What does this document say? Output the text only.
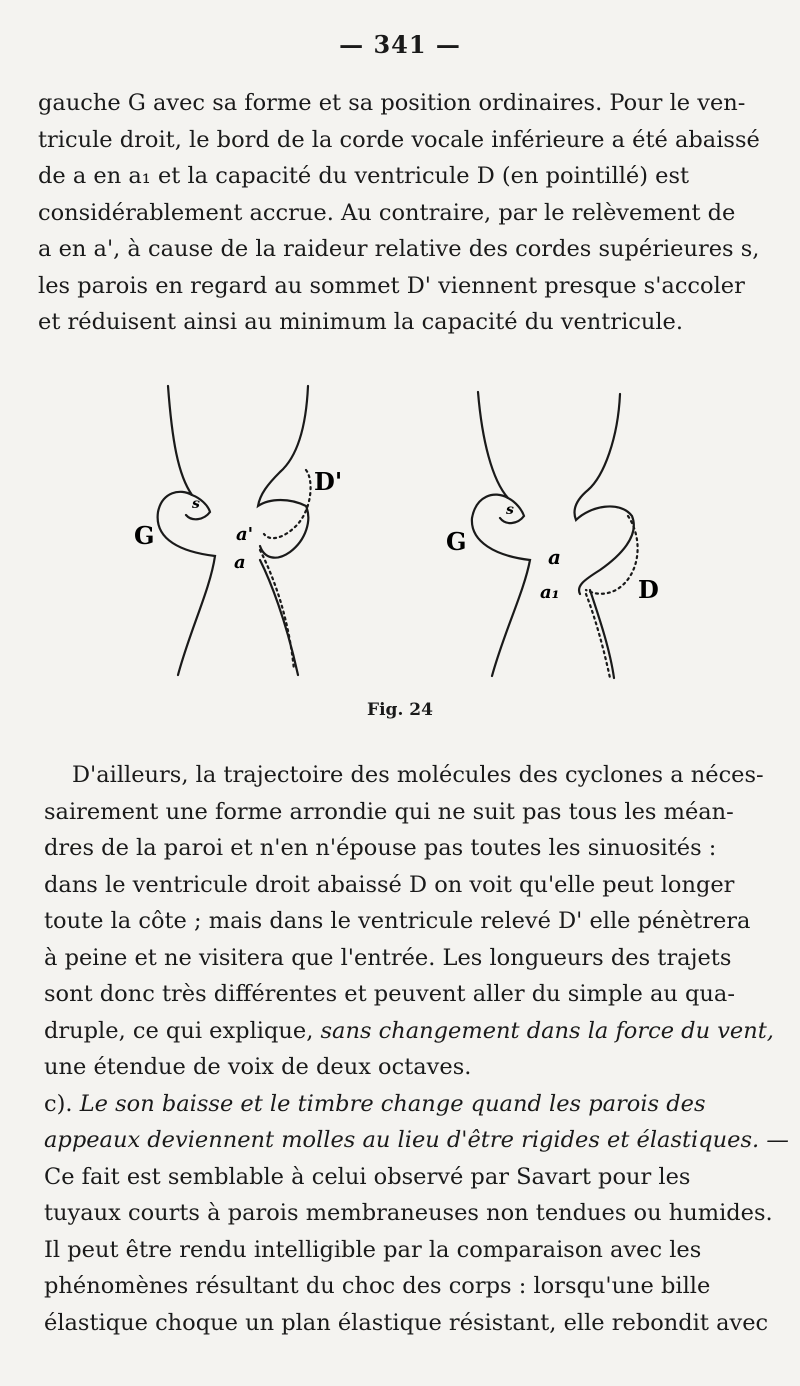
— 341 —
gauche G avec sa forme et sa position ordinaires. Pour le ven-
tricule droit, le bord de la corde vocale inférieure a été abaissé
de a en a₁ et la capacité du ventricule D (en pointillé) est
considérablement accrue. Au contraire, par le relèvement de
a en a', à cause de la raideur relative des cordes supérieures s,
les parois en regard au sommet D' viennent presque s'accoler
et réduisent ainsi au minimum la capacité du ventricule.
G
s
a'
a
D'
G
s
a
a₁	D
Fig. 24
D'ailleurs, la trajectoire des molécules des cyclones a néces-
sairement une forme arrondie qui ne suit pas tous les méan-
dres de la paroi et n'en n'épouse pas toutes les sinuosités :
dans le ventricule droit abaissé D on voit qu'elle peut longer
toute la côte ; mais dans le ventricule relevé D' elle pénètrera
à peine et ne visitera que l'entrée. Les longueurs des trajets
sont donc très différentes et peuvent aller du simple au qua-
druple, ce qui explique, sans changement dans la force du vent,
une étendue de voix de deux octaves.
c). Le son baisse et le timbre change quand les parois des
appeaux deviennent molles au lieu d'être rigides et élastiques. —
Ce fait est semblable à celui observé par Savart pour les
tuyaux courts à parois membraneuses non tendues ou humides.
Il peut être rendu intelligible par la comparaison avec les
phénomènes résultant du choc des corps : lorsqu'une bille
élastique choque un plan élastique résistant, elle rebondit avec
